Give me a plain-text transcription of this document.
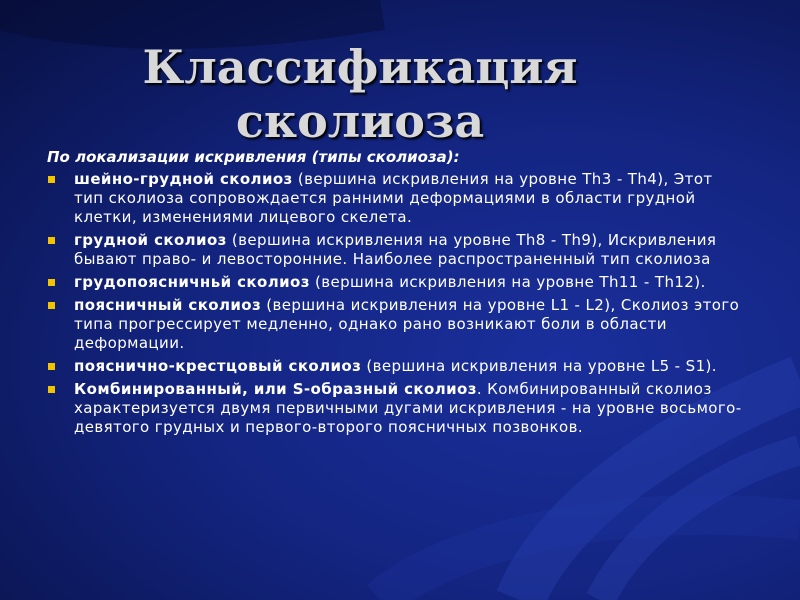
Классификация сколиоза

По локализации искривления (типы сколиоза):

шейно-грудной сколиоз (вершина искривления на уровне Th3 - Th4), Этот тип сколиоза сопровождается ранними деформациями в области грудной клетки, изменениями лицевого скелета.
грудной сколиоз (вершина искривления на уровне Th8 - Th9), Искривления бывают право- и левосторонние. Наиболее распространенный тип сколиоза
грудопоясничньй сколиоз (вершина искривления на уровне Th11 - Th12).
поясничный сколиоз (вершина искривления на уровне L1 - L2), Сколиоз этого типа прогрессирует медленно, однако рано возникают боли в области деформации.
пояснично-крестцовый сколиоз (вершина искривления на уровне L5 - S1).
Комбинированный, или S-образный сколиоз. Комбинированный сколиоз характеризуется двумя первичными дугами искривления - на уровне восьмого-девятого грудных и первого-второго поясничных позвонков.
